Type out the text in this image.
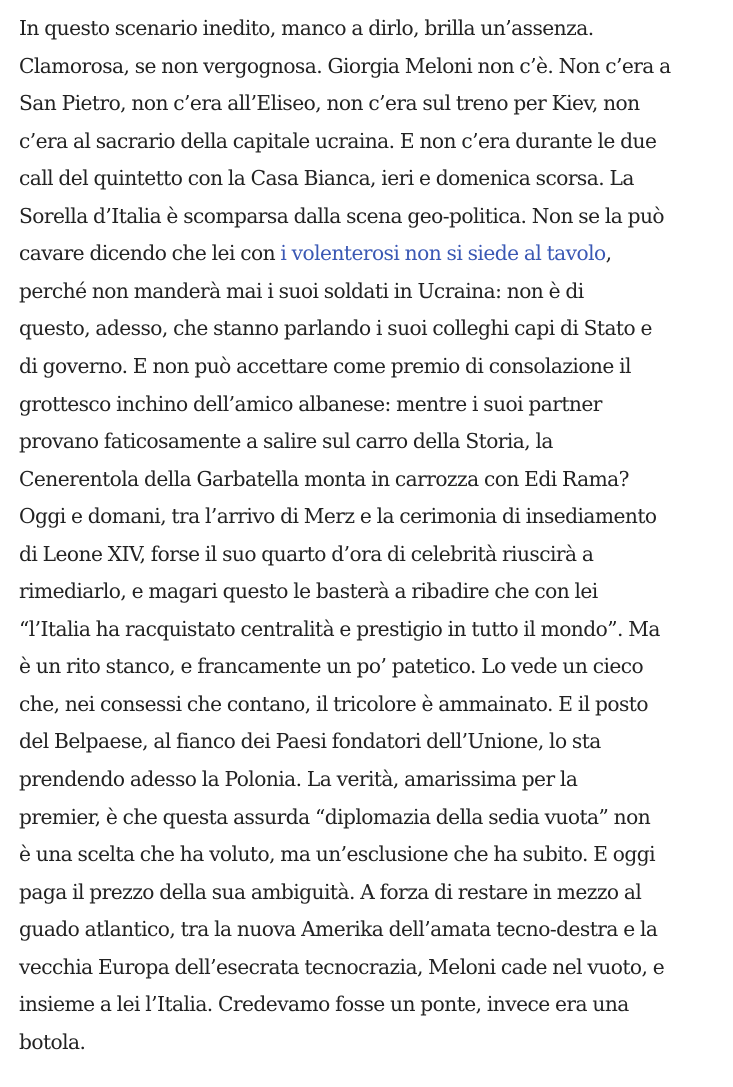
In questo scenario inedito, manco a dirlo, brilla un’assenza.
Clamorosa, se non vergognosa. Giorgia Meloni non c’è. Non c’era a
San Pietro, non c’era all’Eliseo, non c’era sul treno per Kiev, non
c’era al sacrario della capitale ucraina. E non c’era durante le due
call del quintetto con la Casa Bianca, ieri e domenica scorsa. La
Sorella d’Italia è scomparsa dalla scena geo-politica. Non se la può
cavare dicendo che lei con i volenterosi non si siede al tavolo,
perché non manderà mai i suoi soldati in Ucraina: non è di
questo, adesso, che stanno parlando i suoi colleghi capi di Stato e
di governo. E non può accettare come premio di consolazione il
grottesco inchino dell’amico albanese: mentre i suoi partner
provano faticosamente a salire sul carro della Storia, la
Cenerentola della Garbatella monta in carrozza con Edi Rama?
Oggi e domani, tra l’arrivo di Merz e la cerimonia di insediamento
di Leone XIV, forse il suo quarto d’ora di celebrità riuscirà a
rimediarlo, e magari questo le basterà a ribadire che con lei
“l’Italia ha racquistato centralità e prestigio in tutto il mondo”. Ma
è un rito stanco, e francamente un po’ patetico. Lo vede un cieco
che, nei consessi che contano, il tricolore è ammainato. E il posto
del Belpaese, al fianco dei Paesi fondatori dell’Unione, lo sta
prendendo adesso la Polonia. La verità, amarissima per la
premier, è che questa assurda “diplomazia della sedia vuota” non
è una scelta che ha voluto, ma un’esclusione che ha subito. E oggi
paga il prezzo della sua ambiguità. A forza di restare in mezzo al
guado atlantico, tra la nuova Amerika dell’amata tecno-destra e la
vecchia Europa dell’esecrata tecnocrazia, Meloni cade nel vuoto, e
insieme a lei l’Italia. Credevamo fosse un ponte, invece era una
botola.
